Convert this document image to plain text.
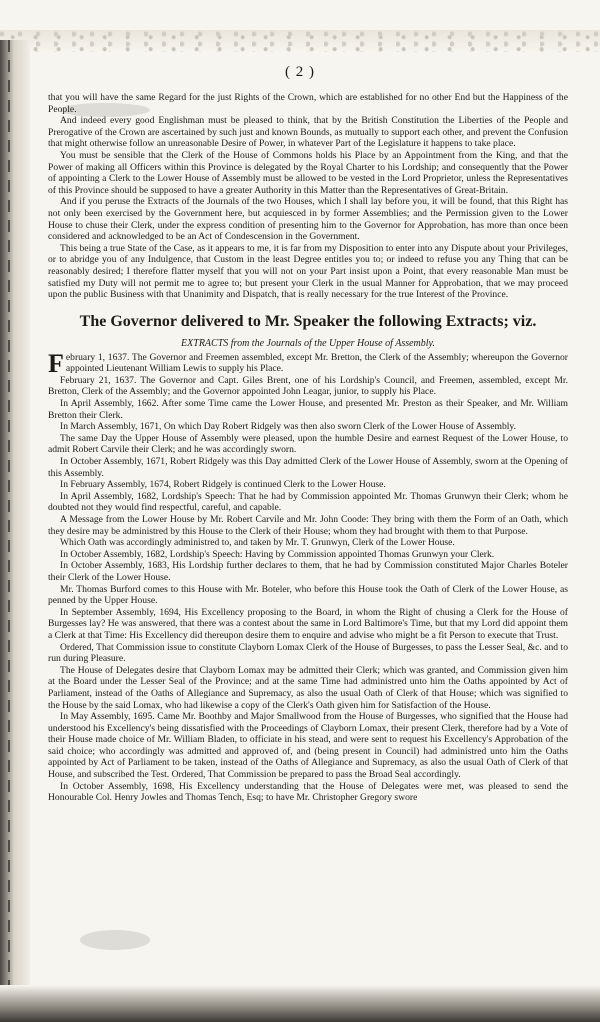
( 2 )

that you will have the same Regard for the just Rights of the Crown, which are established for no other End but the Happiness of the People.

And indeed every good Englishman must be pleased to think, that by the British Constitution the Liberties of the People and Prerogative of the Crown are ascertained by such just and known Bounds, as mutually to support each other, and prevent the Confusion that might otherwise follow an unreasonable Desire of Power, in whatever Part of the Legislature it happens to take place.

You must be sensible that the Clerk of the House of Commons holds his Place by an Appointment from the King, and that the Power of making all Officers within this Province is delegated by the Royal Charter to his Lordship; and consequently that the Power of appointing a Clerk to the Lower House of Assembly must be allowed to be vested in the Lord Proprietor, unless the Representatives of this Province should be supposed to have a greater Authority in this Matter than the Representatives of Great-Britain.

And if you peruse the Extracts of the Journals of the two Houses, which I shall lay before you, it will be found, that this Right has not only been exercised by the Government here, but acquiesced in by former Assemblies; and the Permission given to the Lower House to chuse their Clerk, under the express condition of presenting him to the Governor for Approbation, has more than once been considered and acknowledged to be an Act of Condescension in the Government.

This being a true State of the Case, as it appears to me, it is far from my Disposition to enter into any Dispute about your Privileges, or to abridge you of any Indulgence, that Custom in the least Degree entitles you to; or indeed to refuse you any Thing that can be reasonably desired; I therefore flatter myself that you will not on your Part insist upon a Point, that every reasonable Man must be satisfied my Duty will not permit me to agree to; but present your Clerk in the usual Manner for Approbation, that we may proceed upon the public Business with that Unanimity and Dispatch, that is really necessary for the true Interest of the Province.

The Governor delivered to Mr. Speaker the following Extracts; viz.
EXTRACTS from the Journals of the Upper House of Assembly.

February 1, 1637. The Governor and Freemen assembled, except Mr. Bretton, the Clerk of the Assembly; whereupon the Governor appointed Lieutenant William Lewis to supply his Place.

February 21, 1637. The Governor and Capt. Giles Brent, one of his Lordship's Council, and Freemen, assembled, except Mr. Bretton, Clerk of the Assembly; and the Governor appointed John Leagar, junior, to supply his Place.

In April Assembly, 1662. After some Time came the Lower House, and presented Mr. Preston as their Speaker, and Mr. William Bretton their Clerk.

In March Assembly, 1671, On which Day Robert Ridgely was then also sworn Clerk of the Lower House of Assembly.

The same Day the Upper House of Assembly were pleased, upon the humble Desire and earnest Request of the Lower House, to admit Robert Carvile their Clerk; and he was accordingly sworn.

In October Assembly, 1671, Robert Ridgely was this Day admitted Clerk of the Lower House of Assembly, sworn at the Opening of this Assembly.

In February Assembly, 1674, Robert Ridgely is continued Clerk to the Lower House.

In April Assembly, 1682, Lordship's Speech: That he had by Commission appointed Mr. Thomas Grunwyn their Clerk; whom he doubted not they would find respectful, careful, and capable.

A Message from the Lower House by Mr. Robert Carvile and Mr. John Coode: They bring with them the Form of an Oath, which they desire may be administred by this House to the Clerk of their House; whom they had brought with them to that Purpose.

Which Oath was accordingly administred to, and taken by Mr. T. Grunwyn, Clerk of the Lower House.

In October Assembly, 1682, Lordship's Speech: Having by Commission appointed Thomas Grunwyn your Clerk.

In October Assembly, 1683, His Lordship further declares to them, that he had by Commission constituted Major Charles Boteler their Clerk of the Lower House.

Mr. Thomas Burford comes to this House with Mr. Boteler, who before this House took the Oath of Clerk of the Lower House, as penned by the Upper House.

In September Assembly, 1694, His Excellency proposing to the Board, in whom the Right of chusing a Clerk for the House of Burgesses lay? He was answered, that there was a contest about the same in Lord Baltimore's Time, but that my Lord did appoint them a Clerk at that Time: His Excellency did thereupon desire them to enquire and advise who might be a fit Person to execute that Trust.

Ordered, That Commission issue to constitute Clayborn Lomax Clerk of the House of Burgesses, to pass the Lesser Seal, &c. and to run during Pleasure.

The House of Delegates desire that Clayborn Lomax may be admitted their Clerk; which was granted, and Commission given him at the Board under the Lesser Seal of the Province; and at the same Time had administred unto him the Oaths appointed by Act of Parliament, instead of the Oaths of Allegiance and Supremacy, as also the usual Oath of Clerk of that House; which was signified to the House by the said Lomax, who had likewise a copy of the Clerk's Oath given him for Satisfaction of the House.

In May Assembly, 1695. Came Mr. Boothby and Major Smallwood from the House of Burgesses, who signified that the House had understood his Excellency's being dissatisfied with the Proceedings of Clayborn Lomax, their present Clerk, therefore had by a Vote of their House made choice of Mr. William Bladen, to officiate in his stead, and were sent to request his Excellency's Approbation of the said choice; who accordingly was admitted and approved of, and (being present in Council) had administred unto him the Oaths appointed by Act of Parliament to be taken, instead of the Oaths of Allegiance and Supremacy, as also the usual Oath of Clerk of that House, and subscribed the Test. Ordered, That Commission be prepared to pass the Broad Seal accordingly.

In October Assembly, 1698, His Excellency understanding that the House of Delegates were met, was pleased to send the Honourable Col. Henry Jowles and Thomas Tench, Esq; to have Mr. Christopher Gregory swore
